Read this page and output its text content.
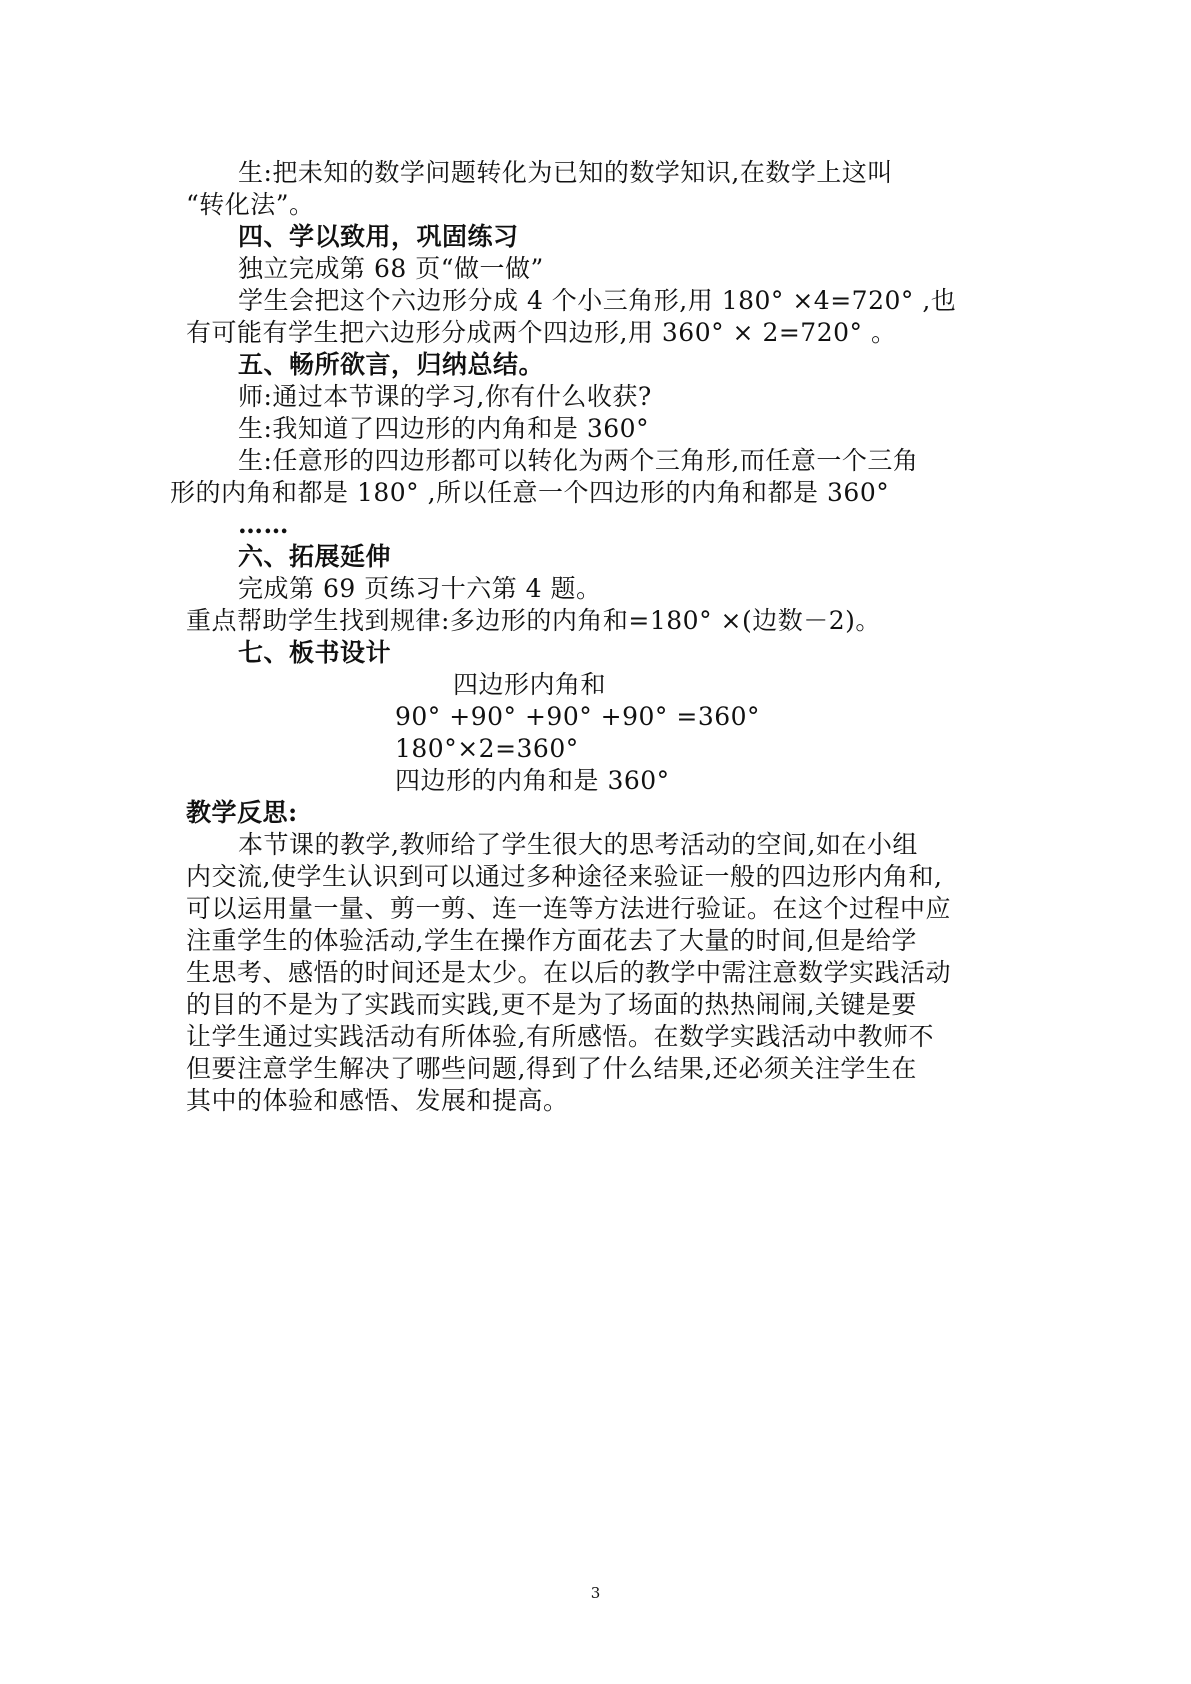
生:把未知的数学问题转化为已知的数学知识,在数学上这叫
“转化法”。
四、学以致用，巩固练习
独立完成第 68 页“做一做”
学生会把这个六边形分成 4 个小三角形,用 180° ×4=720° ,也
有可能有学生把六边形分成两个四边形,用 360° × 2=720° 。
五、畅所欲言，归纳总结。
师:通过本节课的学习,你有什么收获?
生:我知道了四边形的内角和是 360°
生:任意形的四边形都可以转化为两个三角形,而任意一个三角
形的内角和都是 180° ,所以任意一个四边形的内角和都是 360°
……
六、拓展延伸
完成第 69 页练习十六第 4 题。
重点帮助学生找到规律:多边形的内角和=180° ×(边数－2)。
七、板书设计
四边形内角和
90° +90° +90° +90° =360°
180°×2=360°
四边形的内角和是 360°
教学反思:
本节课的教学,教师给了学生很大的思考活动的空间,如在小组
内交流,使学生认识到可以通过多种途径来验证一般的四边形内角和,
可以运用量一量、剪一剪、连一连等方法进行验证。在这个过程中应
注重学生的体验活动,学生在操作方面花去了大量的时间,但是给学
生思考、感悟的时间还是太少。在以后的教学中需注意数学实践活动
的目的不是为了实践而实践,更不是为了场面的热热闹闹,关键是要
让学生通过实践活动有所体验,有所感悟。在数学实践活动中教师不
但要注意学生解决了哪些问题,得到了什么结果,还必须关注学生在
其中的体验和感悟、发展和提高。
3
